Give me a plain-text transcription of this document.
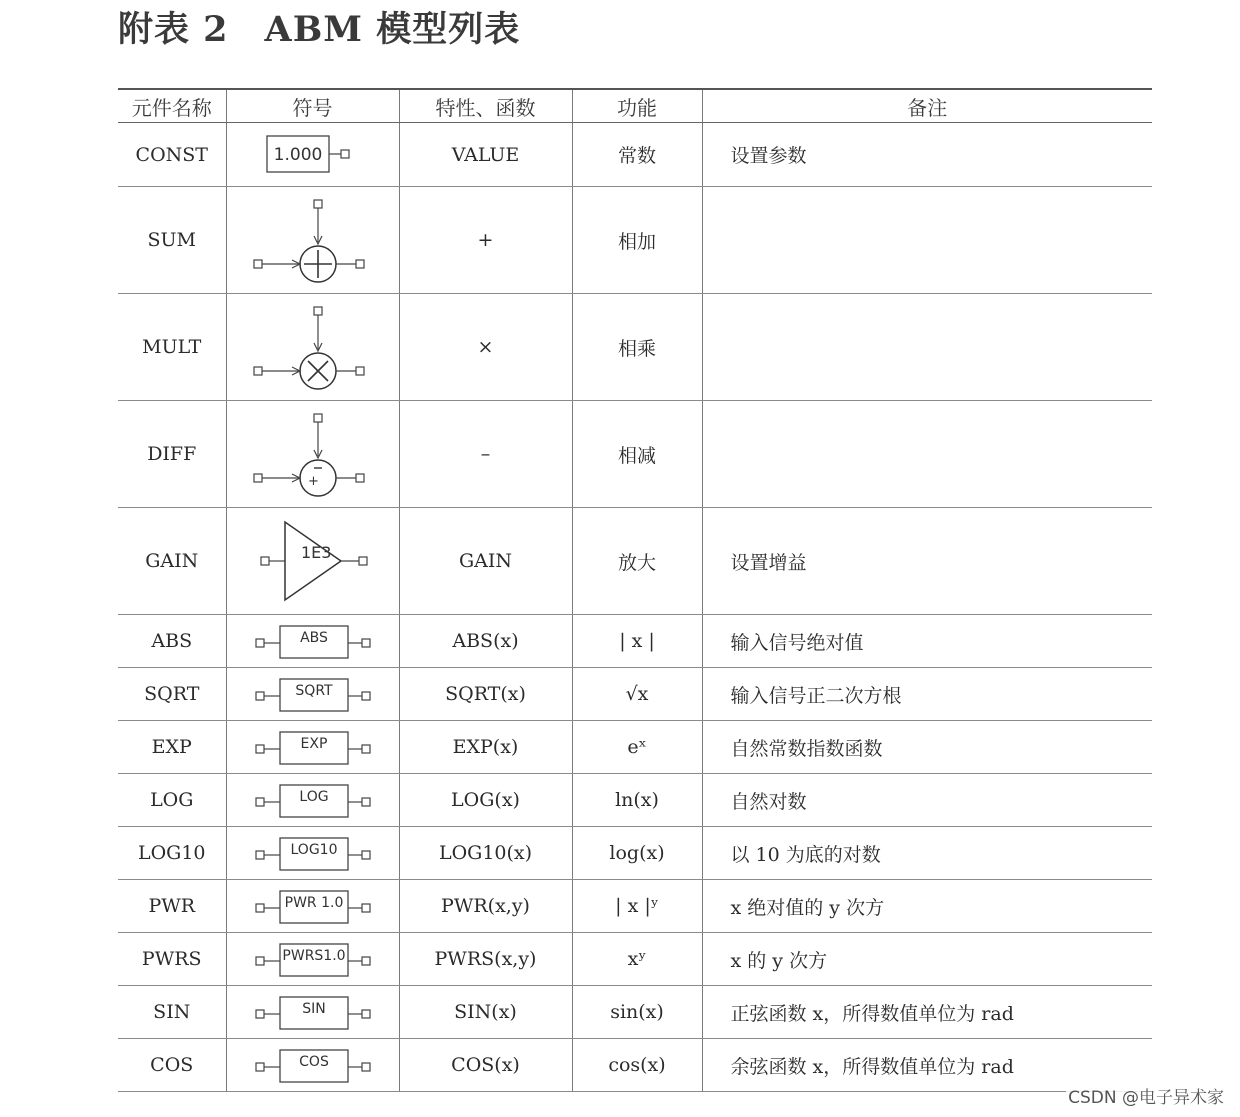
附表 2　ABM 模型列表
元件名称	符号	特性、函数	功能	备注
CONST	1.000	VALUE	常数	设置参数
SUM		+	相加	
MULT		×	相乘	
DIFF	+	–	相减	
GAIN	1E3	GAIN	放大	设置增益
ABS	ABS	ABS(x)	| x |	输入信号绝对值
SQRT	SQRT	SQRT(x)	√x	输入信号正二次方根
EXP	EXP	EXP(x)	eˣ	自然常数指数函数
LOG	LOG	LOG(x)	ln(x)	自然对数
LOG10	LOG10	LOG10(x)	log(x)	以 10 为底的对数
PWR	PWR 1.0	PWR(x,y)	| x |ʸ	x 绝对值的 y 次方
PWRS	PWRS1.0	PWRS(x,y)	xʸ	x 的 y 次方
SIN	SIN	SIN(x)	sin(x)	正弦函数 x，所得数值单位为 rad
COS	COS	COS(x)	cos(x)	余弦函数 x，所得数值单位为 rad
CSDN @电子异术家
